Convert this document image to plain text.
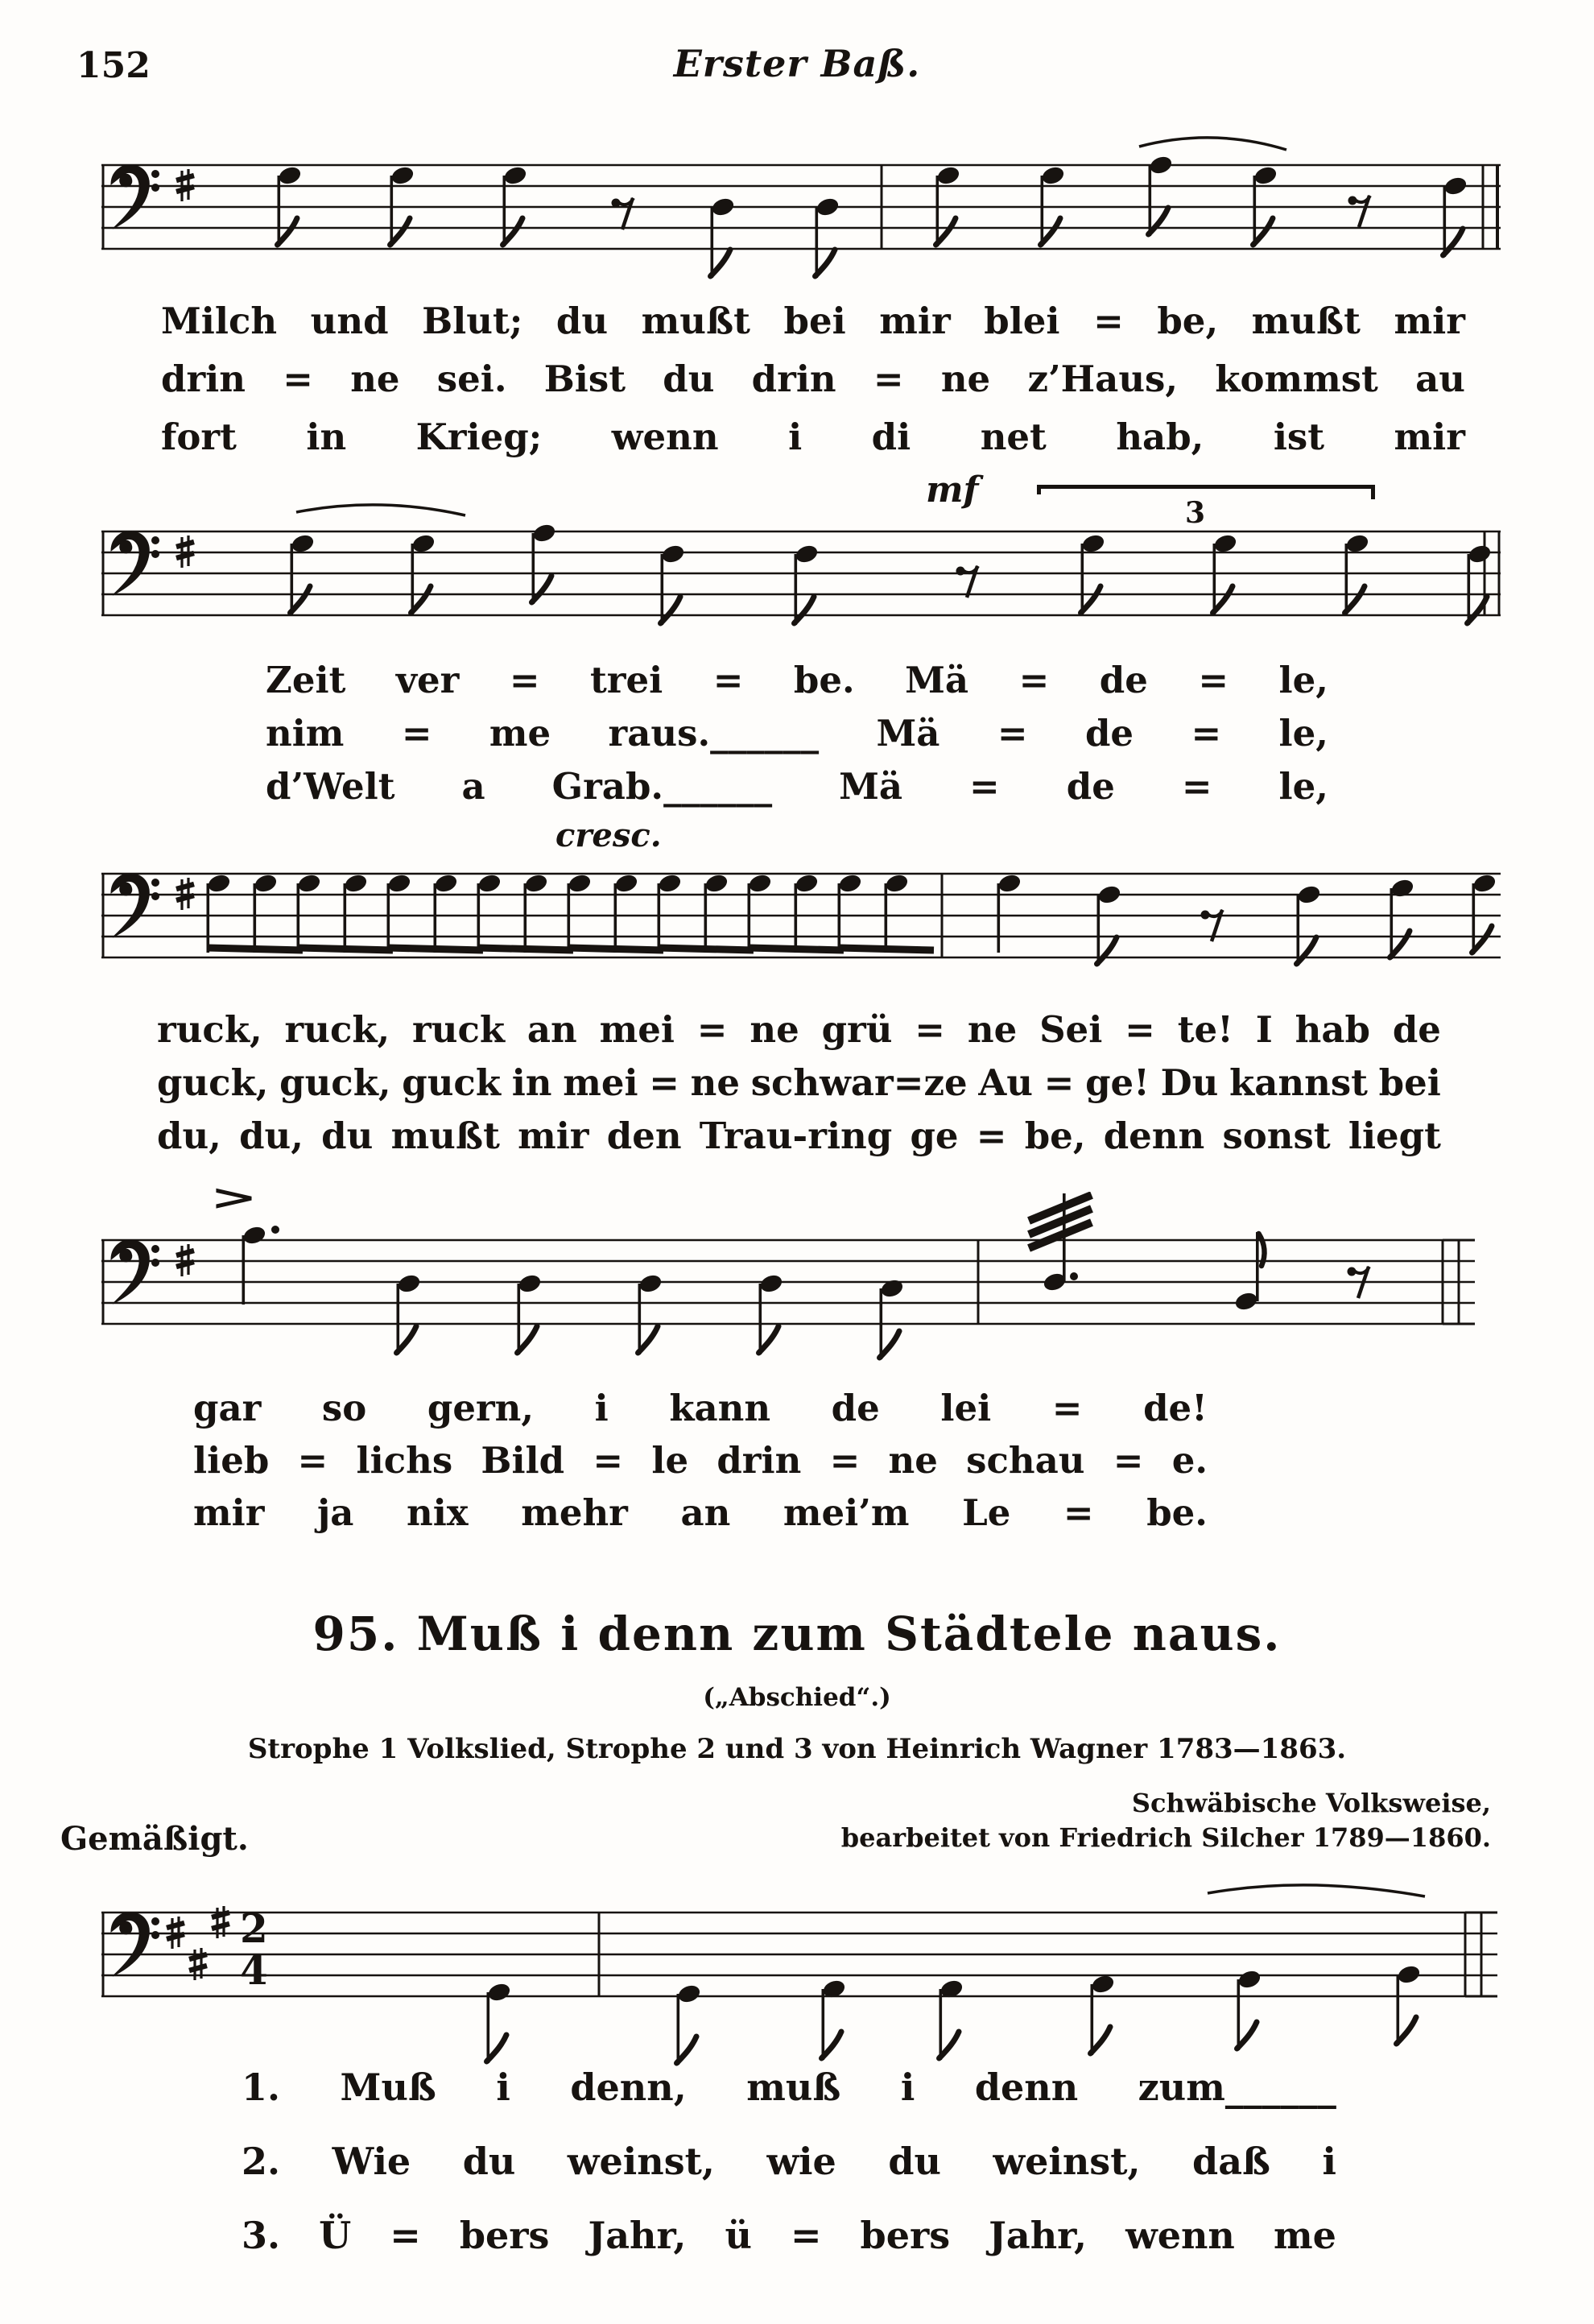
152	Erster Baß.
Milch und Blut; du mußt bei mir blei = be, mußt mir
drin = ne sei. Bist du drin = ne z’Haus, kommst au
fort in Krieg; wenn i di net hab, ist mir
mf
3
Zeit ver = trei = be. Mä = de = le,
nim = me raus.______ Mä = de = le,
d’Welt a Grab.______ Mä = de = le,
cresc.
ruck, ruck, ruck an mei = ne grü = ne Sei = te! I hab de
guck, guck, guck in mei = ne schwar=ze Au = ge! Du kannst bei
du, du, du mußt mir den Trau-ring ge = be, denn sonst liegt
>
gar so gern, i kann de lei = de!
lieb = lichs Bild = le drin = ne schau = e.
mir ja nix mehr an mei’m Le = be.
95. Muß i denn zum Städtele naus.
(„Abschied“.)
Strophe 1 Volkslied, Strophe 2 und 3 von Heinrich Wagner 1783—1863.
Gemäßigt.
Schwäbische Volksweise,
bearbeitet von Friedrich Silcher 1789—1860.
2
4
1. Muß i denn, muß i denn zum______
2. Wie du weinst, wie du weinst, daß i
3. Ü = bers Jahr, ü = bers Jahr, wenn me
